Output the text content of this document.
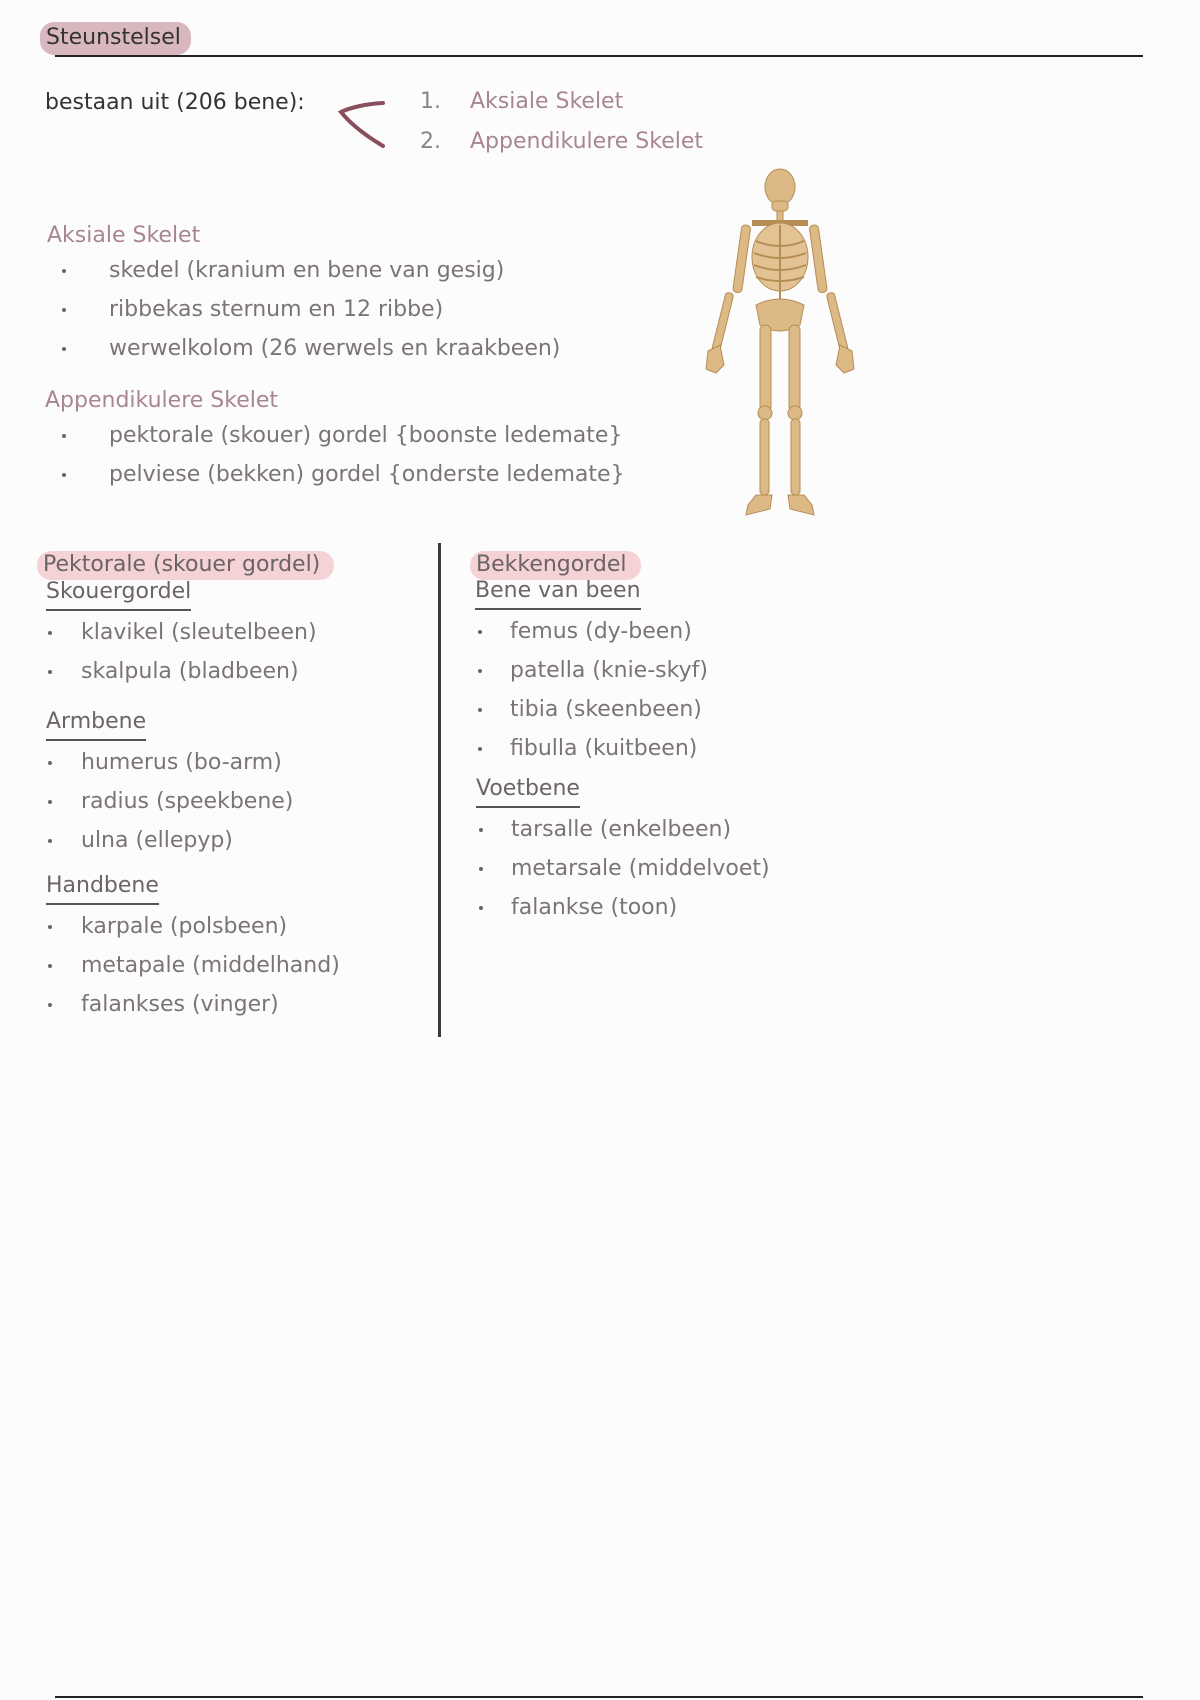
Steunstelsel
bestaan uit (206 bene):	1.	Aksiale Skelet
2.	Appendikulere Skelet
Aksiale Skelet
skedel (kranium en bene van gesig)
ribbekas sternum en 12 ribbe)
werwelkolom (26 werwels en kraakbeen)
Appendikulere Skelet
pektorale (skouer) gordel {boonste ledemate}
pelviese (bekken) gordel {onderste ledemate}
Pektorale (skouer gordel)
Skouergordel
klavikel (sleutelbeen)
skalpula (bladbeen)
Armbene
humerus (bo-arm)
radius (speekbene)
ulna (ellepyp)
Handbene
karpale (polsbeen)
metapale (middelhand)
falankses (vinger)
Bekkengordel
Bene van been
femus (dy-been)
patella (knie-skyf)
tibia (skeenbeen)
fibulla (kuitbeen)
Voetbene
tarsalle (enkelbeen)
metarsale (middelvoet)
falankse (toon)
